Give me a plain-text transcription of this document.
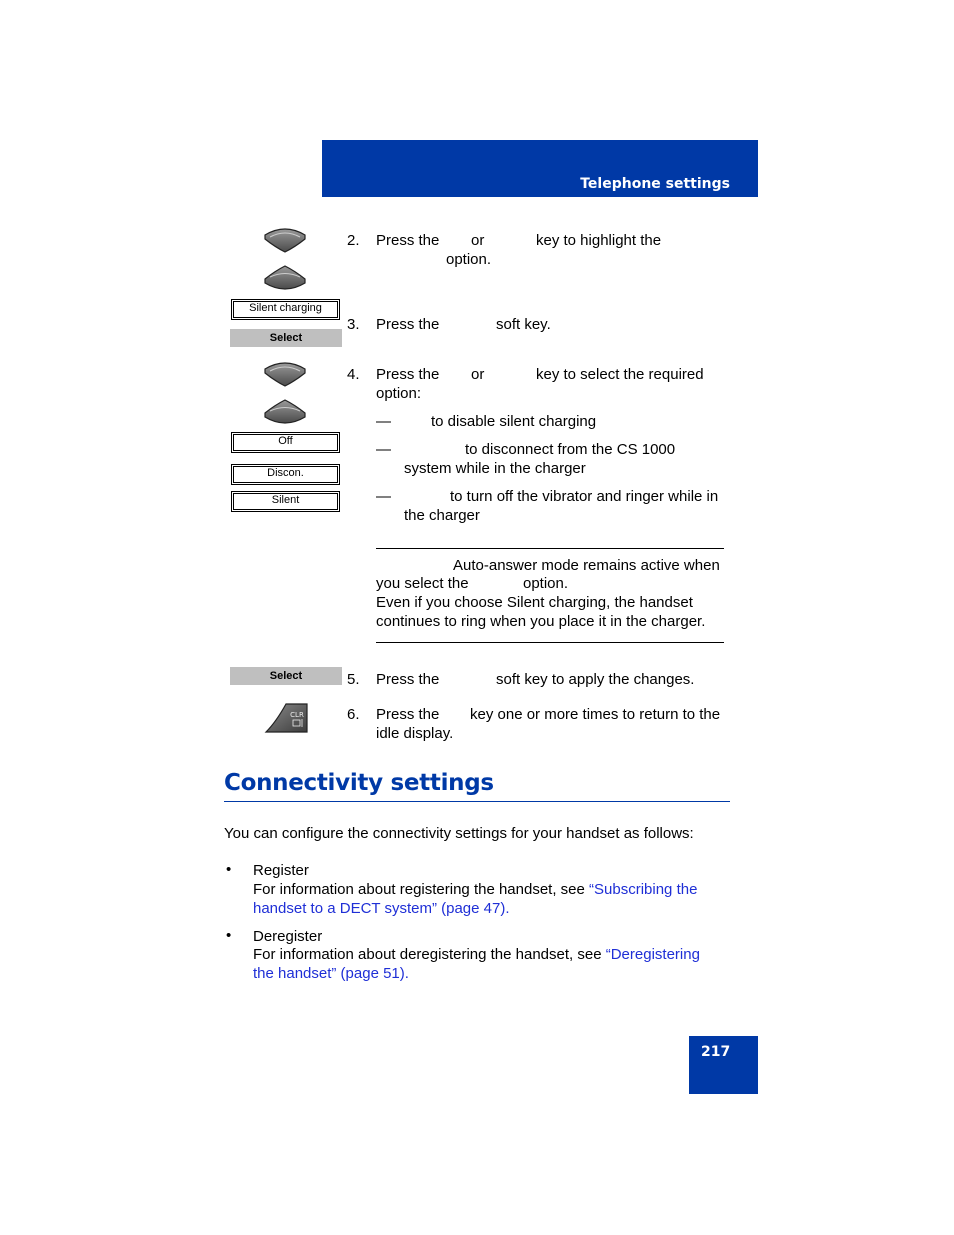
Telephone settings
2. Press the or	key to highlight the
option.
Silent charging
Select
3. Press the	soft key.
4. Press the or	key to select the required
option:
Off
Discon.
Silent
—	to disable silent charging
—	to disconnect from the CS 1000
system while in the charger
—	to turn off the vibrator and ringer while in
the charger
Auto-answer mode remains active when
you select the	option.
Even if you choose Silent charging, the handset
continues to ring when you place it in the charger.
Select	5. Press the	soft key to apply the changes.
CLR	6. Press the key one or more times to return to the
idle display.
Connectivity settings
You can configure the connectivity settings for your handset as follows:
• Register
For information about registering the handset, see “Subscribing the
handset to a DECT system” (page 47).
• Deregister
For information about deregistering the handset, see “Deregistering
the handset” (page 51).
217
